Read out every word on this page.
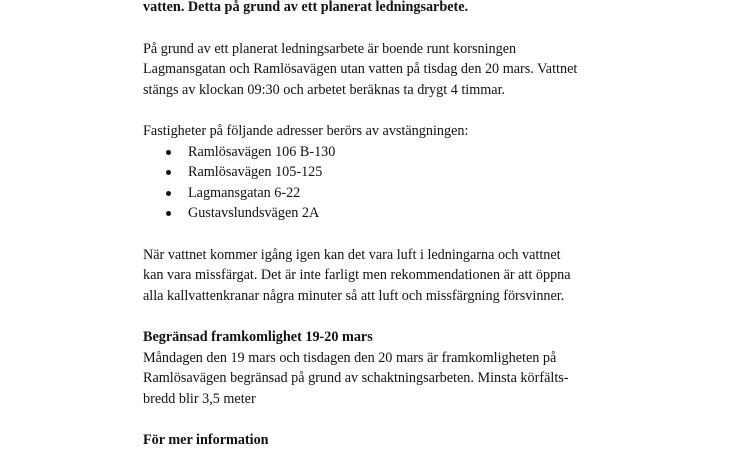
vatten. Detta på grund av ett planerat ledningsarbete.

På grund av ett planerat ledningsarbete är boende runt korsningen

Lagmansgatan och Ramlösavägen utan vatten på tisdag den 20 mars. Vattnet

stängs av klockan 09:30 och arbetet beräknas ta drygt 4 timmar.

Fastigheter på följande adresser berörs av avstängningen:

Ramlösavägen 106 B-130
Ramlösavägen 105-125
Lagmansgatan 6-22
Gustavslundsvägen 2A

När vattnet kommer igång igen kan det vara luft i ledningarna och vattnet

kan vara missfärgat. Det är inte farligt men rekommendationen är att öppna

alla kallvattenkranar några minuter så att luft och missfärgning försvinner.

Begränsad framkomlighet 19-20 mars

Måndagen den 19 mars och tisdagen den 20 mars är framkomligheten på

Ramlösavägen begränsad på grund av schaktningsarbeten. Minsta körfälts-

bredd blir 3,5 meter

För mer information
